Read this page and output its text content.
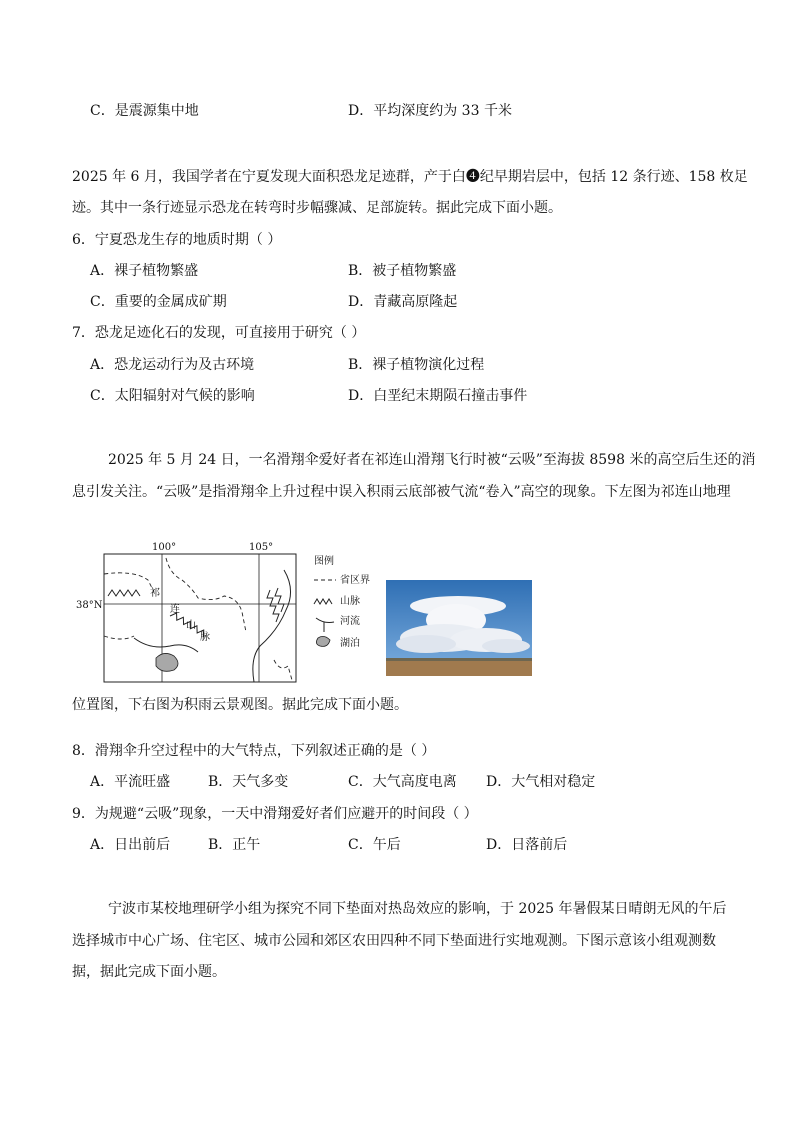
C．是震源集中地	D．平均深度约为 33 千米
2025 年 6 月，我国学者在宁夏发现大面积恐龙足迹群，产于白❹纪早期岩层中，包括 12 条行迹、158 枚足
迹。其中一条行迹显示恐龙在转弯时步幅骤减、足部旋转。据此完成下面小题。
6．宁夏恐龙生存的地质时期（ ）
A．裸子植物繁盛	B．被子植物繁盛
C．重要的金属成矿期	D．青藏高原隆起
7．恐龙足迹化石的发现，可直接用于研究（ ）
A．恐龙运动行为及古环境	B．裸子植物演化过程
C．太阳辐射对气候的影响	D．白垩纪末期陨石撞击事件
2025 年 5 月 24 日，一名滑翔伞爱好者在祁连山滑翔飞行时被“云吸”至海拔 8598 米的高空后生还的消
息引发关注。“云吸”是指滑翔伞上升过程中误入积雨云底部被气流“卷入”高空的现象。下左图为祁连山地理
100°	105°
38°N
祁
连
山
脉
图例
省区界
山脉
河流
湖泊
位置图，下右图为积雨云景观图。据此完成下面小题。
8．滑翔伞升空过程中的大气特点，下列叙述正确的是（ ）
A．平流旺盛	B．天气多变	C．大气高度电离 D．大气相对稳定
9．为规避“云吸”现象，一天中滑翔爱好者们应避开的时间段（ ）
A．日出前后	B．正午	C．午后	D．日落前后
宁波市某校地理研学小组为探究不同下垫面对热岛效应的影响，于 2025 年暑假某日晴朗无风的午后
选择城市中心广场、住宅区、城市公园和郊区农田四种不同下垫面进行实地观测。下图示意该小组观测数
据，据此完成下面小题。
